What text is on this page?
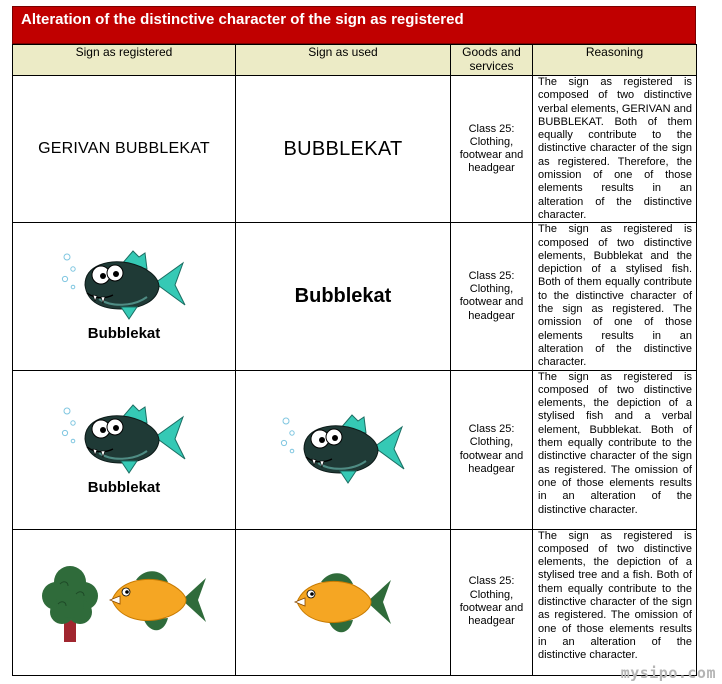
Alteration of the distinctive character of the sign as registered
Sign as registered	Sign as used	Goods and services	Reasoning
GERIVAN BUBBLEKAT	BUBBLEKAT	Class 25: Clothing, footwear and headgear	The sign as registered is composed of two distinctive verbal elements, GERIVAN and BUBBLEKAT. Both of them equally contribute to the distinctive character of the sign as registered. Therefore, the omission of one of those elements results in an alteration of the distinctive character.

Bubblekat	Bubblekat	Class 25: Clothing, footwear and headgear	The sign as registered is composed of two distinctive elements, Bubblekat and the depiction of a stylised fish. Both of them equally contribute to the distinctive character of the sign as registered. The omission of one of those elements results in an alteration of the distinctive character.

Bubblekat		Class 25: Clothing, footwear and headgear	The sign as registered is composed of two distinctive elements, the depiction of a stylised fish and a verbal element, Bubblekat. Both of them equally contribute to the distinctive character of the sign as registered. The omission of one of those elements results in an alteration of the distinctive character.
		Class 25: Clothing, footwear and headgear	The sign as registered is composed of two distinctive elements, the depiction of a stylised tree and a fish. Both of them equally contribute to the distinctive character of the sign as registered. The omission of one of those elements results in an alteration of the distinctive character.
mysipo.com
